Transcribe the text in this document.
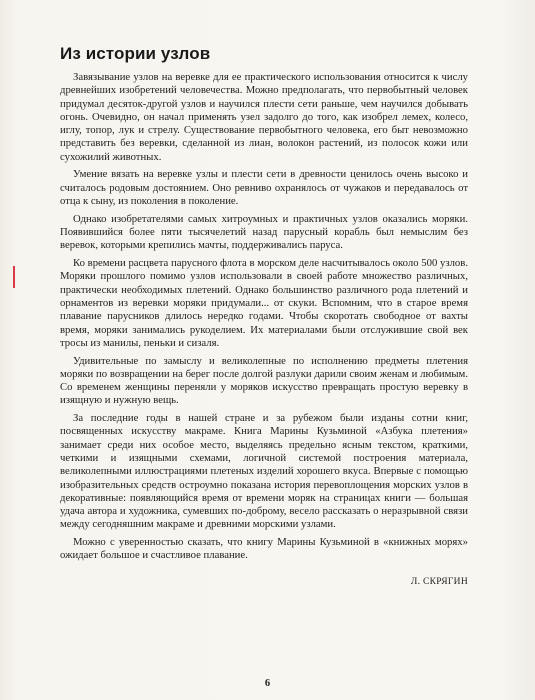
Из истории узлов

Завязывание узлов на веревке для ее практического использования относится к числу древнейших изобретений человечества. Можно предполагать, что первобытный человек придумал десяток-другой узлов и научился плести сети раньше, чем научился добывать огонь. Очевидно, он начал применять узел задолго до того, как изобрел лемех, колесо, иглу, топор, лук и стрелу. Существование первобытного человека, его быт невозможно представить без веревки, сделанной из лиан, волокон растений, из полосок кожи или сухожилий животных.

Умение вязать на веревке узлы и плести сети в древности ценилось очень высоко и считалось родовым достоянием. Оно ревниво охранялось от чужаков и передавалось от отца к сыну, из поколения в поколение.

Однако изобретателями самых хитроумных и практичных узлов оказались моряки. Появившийся более пяти тысячелетий назад парусный корабль был немыслим без веревок, которыми крепились мачты, поддерживались паруса.

Ко времени расцвета парусного флота в морском деле насчитывалось около 500 узлов. Моряки прошлого помимо узлов использовали в своей работе множество различных, практически необходимых плетений. Однако большинство различного рода плетений и орнаментов из веревки моряки придумали... от скуки. Вспомним, что в старое время плавание парусников длилось нередко годами. Чтобы скоротать свободное от вахты время, моряки занимались рукоделием. Их материалами были отслужившие свой век тросы из манилы, пеньки и сизаля.

Удивительные по замыслу и великолепные по исполнению предметы плетения моряки по возвращении на берег после долгой разлуки дарили своим женам и любимым. Со временем женщины переняли у моряков искусство превращать простую веревку в изящную и нужную вещь.

За последние годы в нашей стране и за рубежом были изданы сотни книг, посвященных искусству макраме. Книга Марины Кузьминой «Азбука плетения» занимает среди них особое место, выделяясь предельно ясным текстом, краткими, четкими и изящными схемами, логичной системой построения материала, великолепными иллюстрациями плетеных изделий хорошего вкуса. Впервые с помощью изобразительных средств остроумно показана история перевоплощения морских узлов в декоративные: появляющийся время от времени моряк на страницах книги — большая удача автора и художника, сумевших по-доброму, весело рассказать о неразрывной связи между сегодняшним макраме и древними морскими узлами.

Можно с уверенностью сказать, что книгу Марины Кузьминой в «книжных морях» ожидает большое и счастливое плавание.

Л. СКРЯГИН
6
